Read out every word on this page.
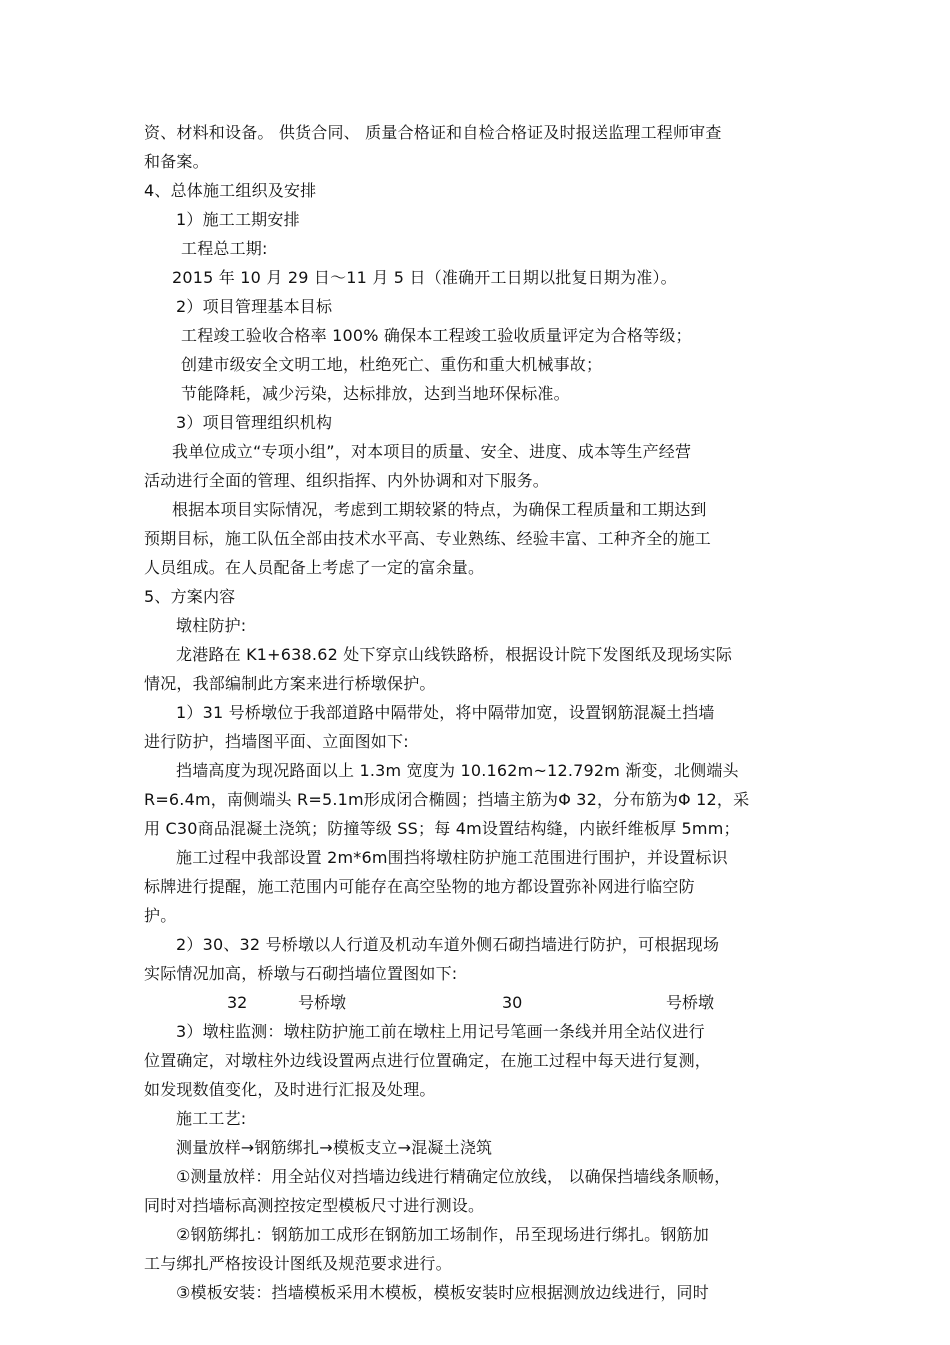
资、材料和设备。 供货合同、 质量合格证和自检合格证及时报送监理工程师审查
和备案。
4、总体施工组织及安排
1）施工工期安排
工程总工期:
2015 年 10 月 29 日～11 月 5 日（准确开工日期以批复日期为准）。
2）项目管理基本目标
工程竣工验收合格率 100% 确保本工程竣工验收质量评定为合格等级；
创建市级安全文明工地，杜绝死亡、重伤和重大机械事故；
节能降耗，减少污染，达标排放，达到当地环保标准。
3）项目管理组织机构
我单位成立“专项小组”，对本项目的质量、安全、进度、成本等生产经营
活动进行全面的管理、组织指挥、内外协调和对下服务。
根据本项目实际情况，考虑到工期较紧的特点，为确保工程质量和工期达到
预期目标，施工队伍全部由技术水平高、专业熟练、经验丰富、工种齐全的施工
人员组成。在人员配备上考虑了一定的富余量。
5、方案内容
墩柱防护:
龙港路在 K1+638.62 处下穿京山线铁路桥，根据设计院下发图纸及现场实际
情况，我部编制此方案来进行桥墩保护。
1）31 号桥墩位于我部道路中隔带处，将中隔带加宽，设置钢筋混凝土挡墙
进行防护，挡墙图平面、立面图如下:
挡墙高度为现况路面以上 1.3m 宽度为 10.162m~12.792m 渐变，北侧端头
R=6.4m，南侧端头 R=5.1m形成闭合椭圆；挡墙主筋为Φ 32，分布筋为Φ 12，采
用 C30商品混凝土浇筑；防撞等级 SS；每 4m设置结构缝，内嵌纤维板厚 5mm；
施工过程中我部设置 2m*6m围挡将墩柱防护施工范围进行围护，并设置标识
标牌进行提醒，施工范围内可能存在高空坠物的地方都设置弥补网进行临空防
护。
2）30、32 号桥墩以人行道及机动车道外侧石砌挡墙进行防护，可根据现场
实际情况加高，桥墩与石砌挡墙位置图如下:
32	号桥墩	30	号桥墩
3）墩柱监测：墩柱防护施工前在墩柱上用记号笔画一条线并用全站仪进行
位置确定，对墩柱外边线设置两点进行位置确定，在施工过程中每天进行复测，
如发现数值变化，及时进行汇报及处理。
施工工艺:
测量放样→钢筋绑扎→模板支立→混凝土浇筑
①测量放样：用全站仪对挡墙边线进行精确定位放线， 以确保挡墙线条顺畅，
同时对挡墙标高测控按定型模板尺寸进行测设。
②钢筋绑扎：钢筋加工成形在钢筋加工场制作，吊至现场进行绑扎。钢筋加
工与绑扎严格按设计图纸及规范要求进行。
③模板安装：挡墙模板采用木模板，模板安装时应根据测放边线进行，同时
